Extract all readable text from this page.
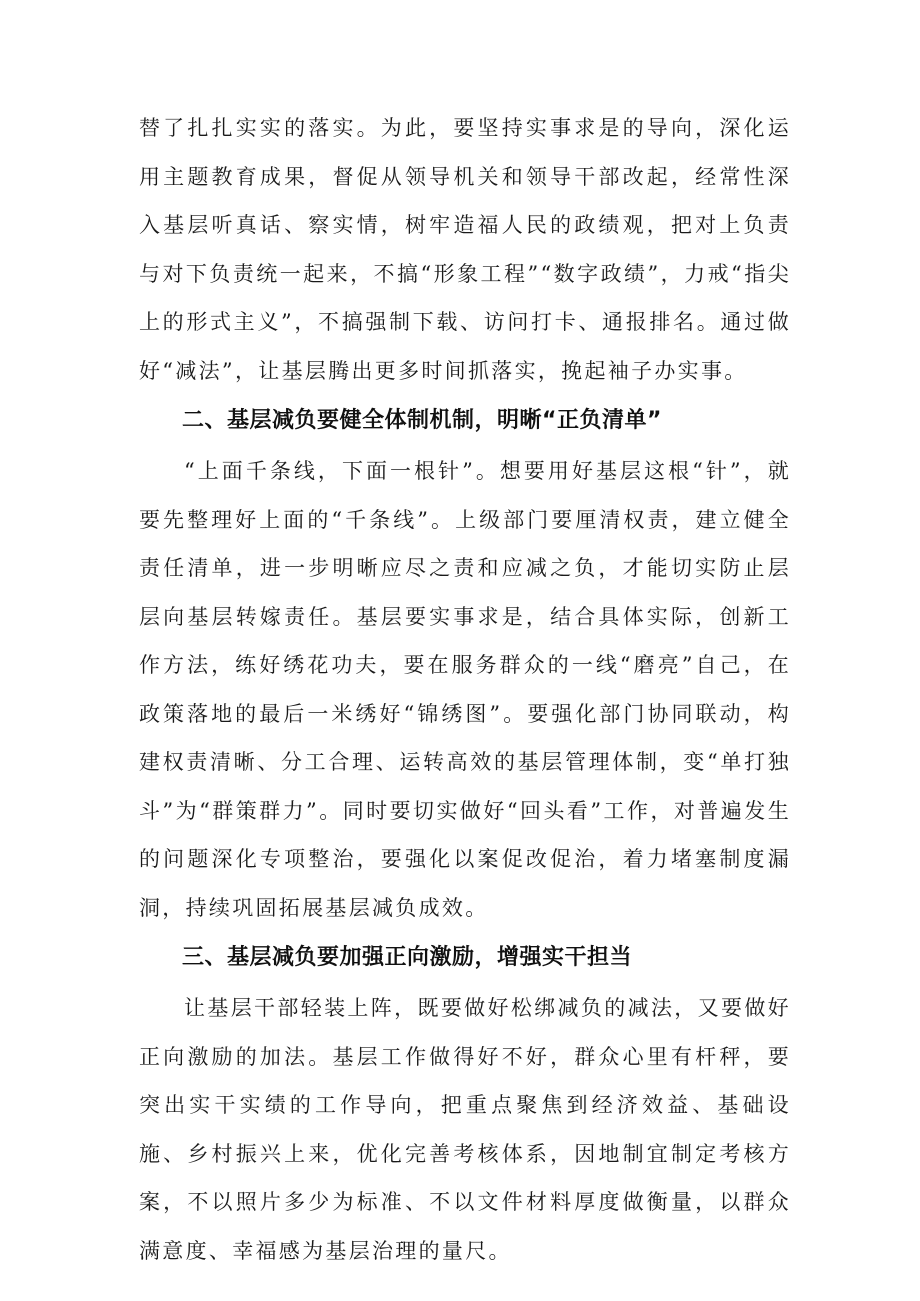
替了扎扎实实的落实。为此，要坚持实事求是的导向，深化运用主题教育成果，督促从领导机关和领导干部改起，经常性深入基层听真话、察实情，树牢造福人民的政绩观，把对上负责与对下负责统一起来，不搞“形象工程”“数字政绩”，力戒“指尖上的形式主义”，不搞强制下载、访问打卡、通报排名。通过做好“减法”，让基层腾出更多时间抓落实，挽起袖子办实事。

二、基层减负要健全体制机制，明晰“正负清单”

“上面千条线，下面一根针”。想要用好基层这根“针”，就要先整理好上面的“千条线”。上级部门要厘清权责，建立健全责任清单，进一步明晰应尽之责和应减之负，才能切实防止层层向基层转嫁责任。基层要实事求是，结合具体实际，创新工作方法，练好绣花功夫，要在服务群众的一线“磨亮”自己，在政策落地的最后一米绣好“锦绣图”。要强化部门协同联动，构建权责清晰、分工合理、运转高效的基层管理体制，变“单打独斗”为“群策群力”。同时要切实做好“回头看”工作，对普遍发生的问题深化专项整治，要强化以案促改促治，着力堵塞制度漏洞，持续巩固拓展基层减负成效。

三、基层减负要加强正向激励，增强实干担当

让基层干部轻装上阵，既要做好松绑减负的减法，又要做好正向激励的加法。基层工作做得好不好，群众心里有杆秤，要突出实干实绩的工作导向，把重点聚焦到经济效益、基础设施、乡村振兴上来，优化完善考核体系，因地制宜制定考核方案，不以照片多少为标准、不以文件材料厚度做衡量，以群众满意度、幸福感为基层治理的量尺。
